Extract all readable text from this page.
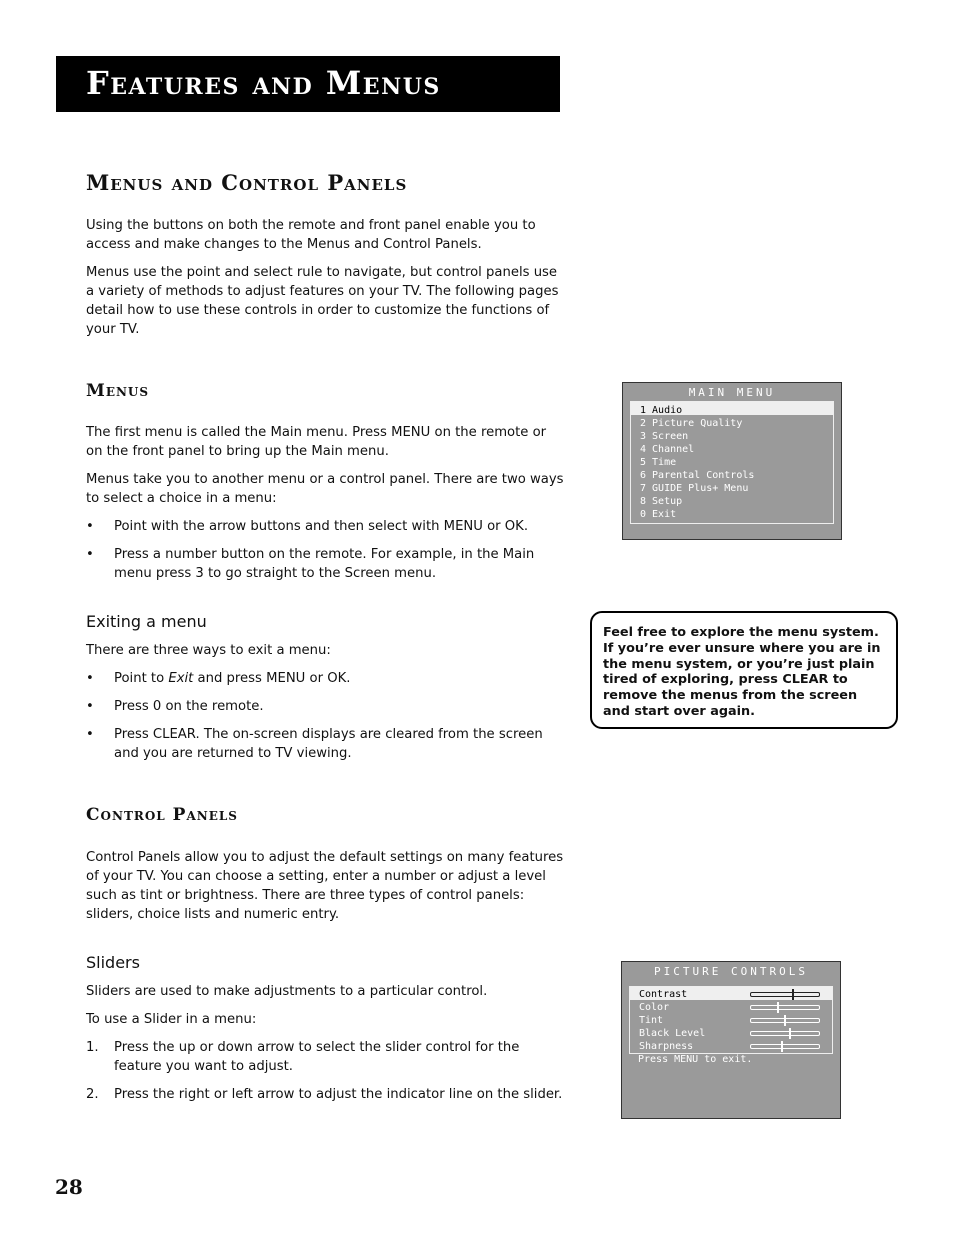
Features and Menus
Menus and Control Panels
Using the buttons on both the remote and front panel enable you to access and make changes to the Menus and Control Panels.
Menus use the point and select rule to navigate, but control panels use a variety of methods to adjust features on your TV. The following pages detail how to use these controls in order to customize the functions of your TV.
Menus
The first menu is called the Main menu. Press MENU on the remote or on the front panel to bring up the Main menu.
Menus take you to another menu or a control panel. There are two ways to select a choice in a menu:
• Point with the arrow buttons and then select with MENU or OK.
• Press a number button on the remote. For example, in the Main menu press 3 to go straight to the Screen menu.
MAIN MENU
1 Audio
2 Picture Quality
3 Screen
4 Channel
5 Time
6 Parental Controls
7 GUIDE Plus+ Menu
8 Setup
0 Exit
Exiting a menu
There are three ways to exit a menu:
• Point to Exit and press MENU or OK.
• Press 0 on the remote.
• Press CLEAR. The on-screen displays are cleared from the screen and you are returned to TV viewing.
Feel free to explore the menu system. If you’re ever unsure where you are in the menu system, or you’re just plain tired of exploring, press CLEAR to remove the menus from the screen and start over again.
Control Panels
Control Panels allow you to adjust the default settings on many features of your TV. You can choose a setting, enter a number or adjust a level such as tint or brightness. There are three types of control panels: sliders, choice lists and numeric entry.
Sliders
Sliders are used to make adjustments to a particular control.
To use a Slider in a menu:
1. Press the up or down arrow to select the slider control for the feature you want to adjust.
2. Press the right or left arrow to adjust the indicator line on the slider.
PICTURE CONTROLS
Contrast
Color
Tint
Black Level
Sharpness
Press MENU to exit.
28
